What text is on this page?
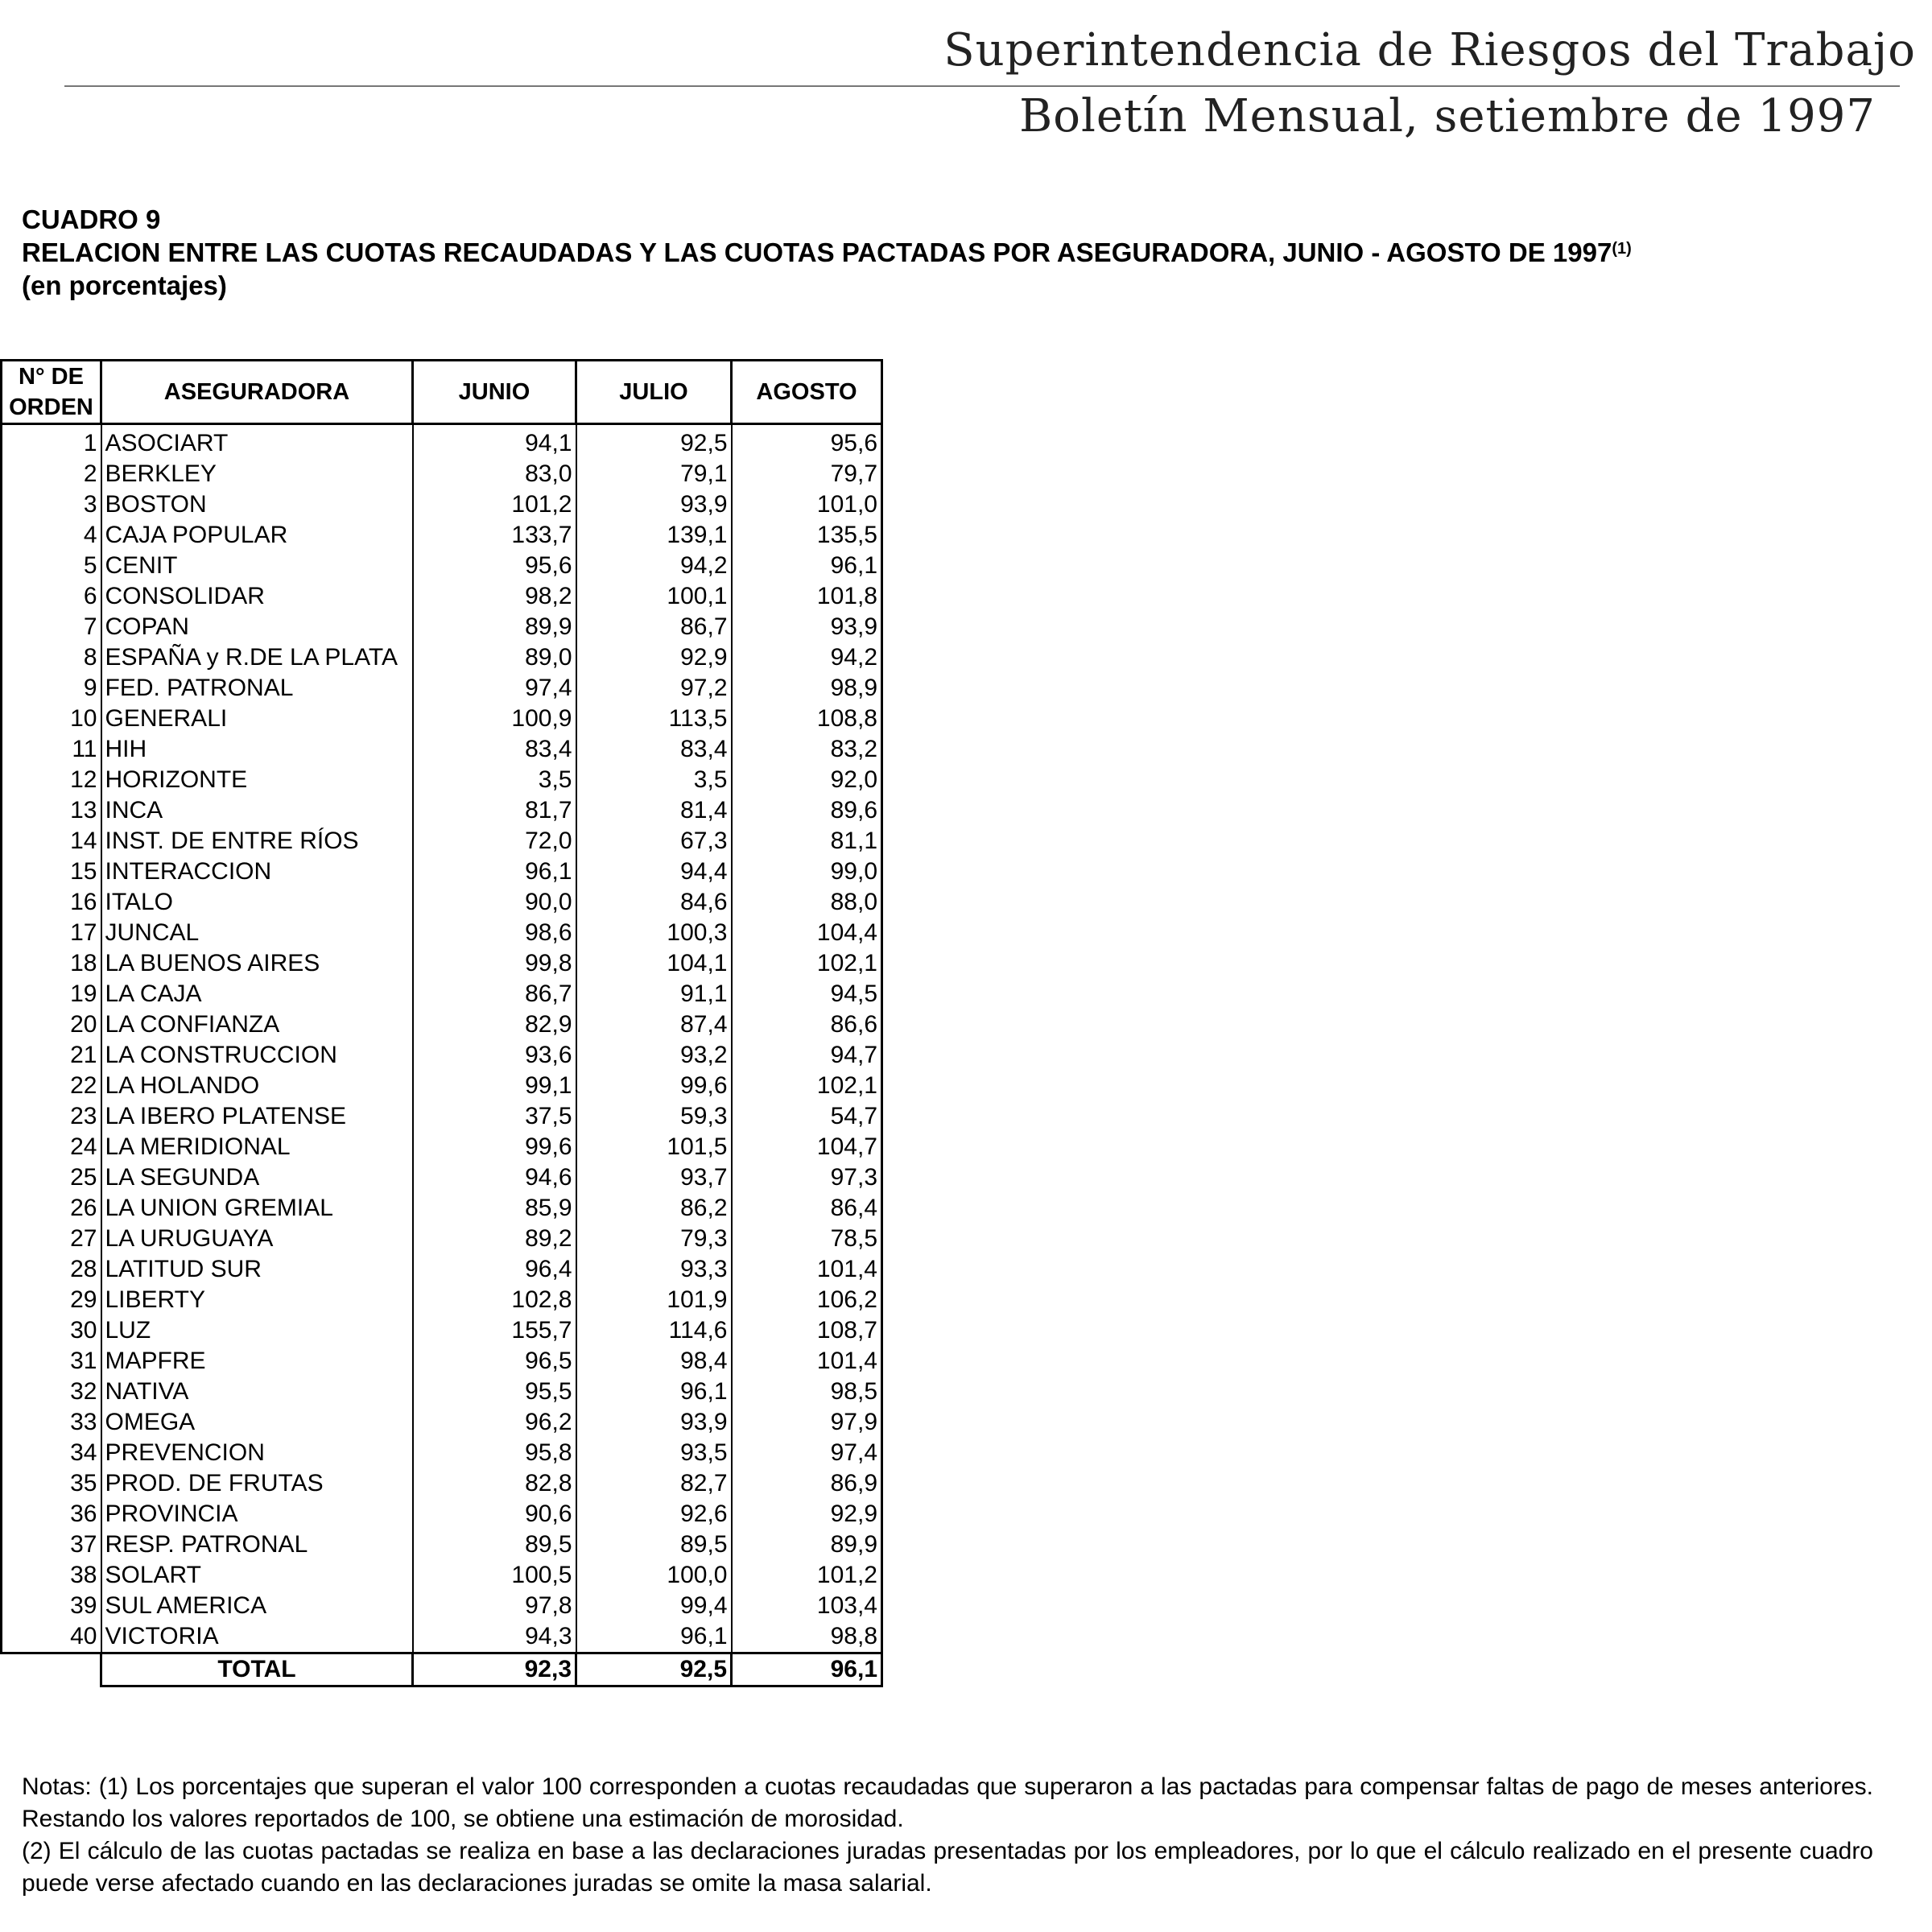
Superintendencia de Riesgos del Trabajo
Boletín Mensual, setiembre de 1997
CUADRO 9
RELACION ENTRE LAS CUOTAS RECAUDADAS Y LAS CUOTAS PACTADAS POR ASEGURADORA, JUNIO - AGOSTO DE 1997$^{(1)}$
(en porcentajes)
N° DE
ORDEN	ASEGURADORA	JUNIO	JULIO	AGOSTO
1	ASOCIART	94,1	92,5	95,6
2	BERKLEY	83,0	79,1	79,7
3	BOSTON	101,2	93,9	101,0
4	CAJA POPULAR	133,7	139,1	135,5
5	CENIT	95,6	94,2	96,1
6	CONSOLIDAR	98,2	100,1	101,8
7	COPAN	89,9	86,7	93,9
8	ESPAÑA y R.DE LA PLATA	89,0	92,9	94,2
9	FED. PATRONAL	97,4	97,2	98,9
10	GENERALI	100,9	113,5	108,8
11	HIH	83,4	83,4	83,2
12	HORIZONTE	3,5	3,5	92,0
13	INCA	81,7	81,4	89,6
14	INST. DE ENTRE RÍOS	72,0	67,3	81,1
15	INTERACCION	96,1	94,4	99,0
16	ITALO	90,0	84,6	88,0
17	JUNCAL	98,6	100,3	104,4
18	LA BUENOS AIRES	99,8	104,1	102,1
19	LA CAJA	86,7	91,1	94,5
20	LA CONFIANZA	82,9	87,4	86,6
21	LA CONSTRUCCION	93,6	93,2	94,7
22	LA HOLANDO	99,1	99,6	102,1
23	LA IBERO PLATENSE	37,5	59,3	54,7
24	LA MERIDIONAL	99,6	101,5	104,7
25	LA SEGUNDA	94,6	93,7	97,3
26	LA UNION GREMIAL	85,9	86,2	86,4
27	LA URUGUAYA	89,2	79,3	78,5
28	LATITUD SUR	96,4	93,3	101,4
29	LIBERTY	102,8	101,9	106,2
30	LUZ	155,7	114,6	108,7
31	MAPFRE	96,5	98,4	101,4
32	NATIVA	95,5	96,1	98,5
33	OMEGA	96,2	93,9	97,9
34	PREVENCION	95,8	93,5	97,4
35	PROD. DE FRUTAS	82,8	82,7	86,9
36	PROVINCIA	90,6	92,6	92,9
37	RESP. PATRONAL	89,5	89,5	89,9
38	SOLART	100,5	100,0	101,2
39	SUL AMERICA	97,8	99,4	103,4
40	VICTORIA	94,3	96,1	98,8
	TOTAL	92,3	92,5	96,1

Notas: (1) Los porcentajes que superan el valor 100 corresponden a cuotas recaudadas que superaron a las pactadas para compensar faltas de pago de meses anteriores. Restando los valores reportados de 100, se obtiene una estimación de morosidad.

(2) El cálculo de las cuotas pactadas se realiza en base a las declaraciones juradas presentadas por los empleadores, por lo que el cálculo realizado en el presente cuadro puede verse afectado cuando en las declaraciones juradas se omite la masa salarial.
